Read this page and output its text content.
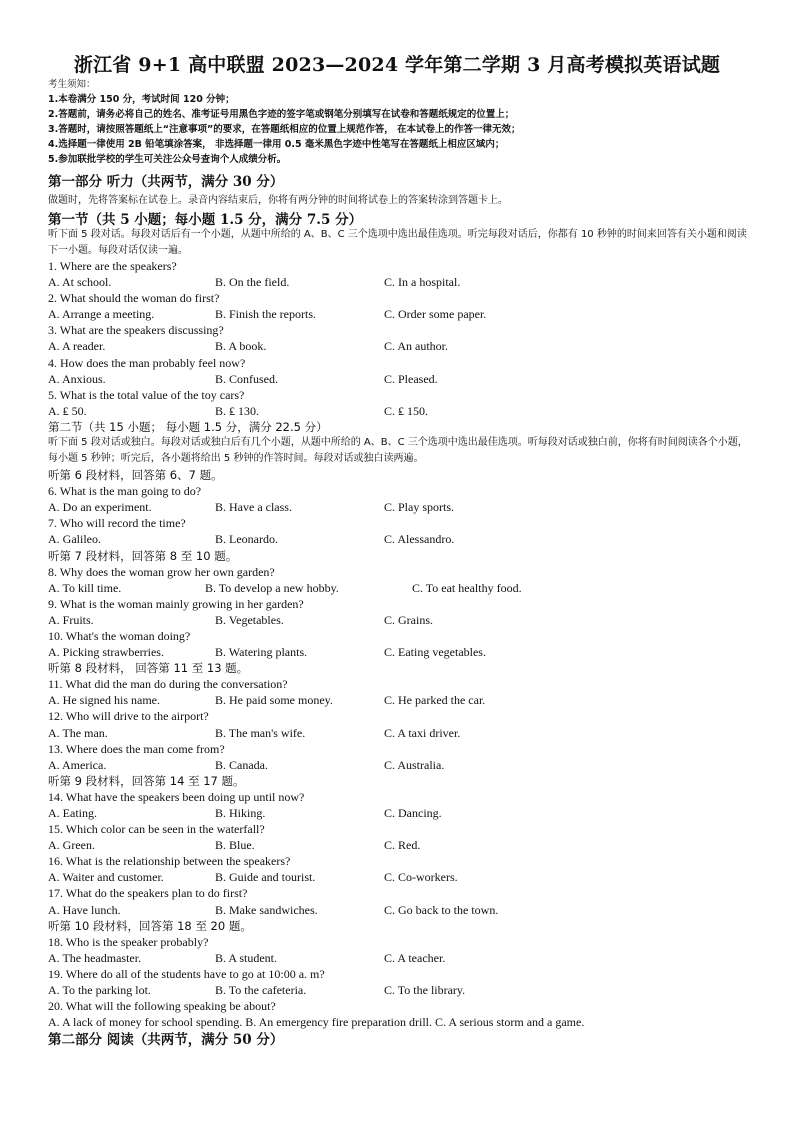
浙江省 9+1 高中联盟 2023—2024 学年第二学期 3 月高考模拟英语试题
考生须知：
1.本卷满分 150 分，考试时间 120 分钟；
2.答题前，请务必将自己的姓名、准考证号用黑色字迹的签字笔或钢笔分别填写在试卷和答题纸规定的位置上；
3.答题时，请按照答题纸上“注意事项”的要求，在答题纸相应的位置上规范作答， 在本试卷上的作答一律无效；
4.选择题一律使用 2B 铅笔填涂答案， 非选择题一律用 0.5 毫米黑色字迹中性笔写在答题纸上相应区域内；
5.参加联批学校的学生可关注公众号查询个人成绩分析。
第一部分 听力（共两节，满分 30 分）
做题时，先将答案标在试卷上。录音内容结束后，你将有两分钟的时间将试卷上的答案转涂到答题卡上。
第一节（共 5 小题；每小题 1.5 分，满分 7.5 分）
听下面 5 段对话。每段对话后有一个小题，从题中所给的 A、B、C 三个选项中选出最佳选项。听完每段对话后，你都有 10 秒钟的时间来回答有关小题和阅读下一小题。每段对话仅读一遍。
1. Where are the speakers?
A. At school.	B. On the field.	C. In a hospital.
2. What should the woman do first?
A. Arrange a meeting.	B. Finish the reports.	C. Order some paper.
3. What are the speakers discussing?
A. A reader.	B. A book.	C. An author.
4. How does the man probably feel now?
A. Anxious.	B. Confused.	C. Pleased.
5. What is the total value of the toy cars?
A. ₤ 50.	B. ₤ 130.	C. ₤ 150.
第二节（共 15 小题； 每小题 1.5 分，满分 22.5 分）
听下面 5 段对话或独白。每段对话或独白后有几个小题，从题中所给的 A、B、C 三个选项中选出最佳选项。听每段对话或独白前，你将有时间阅读各个小题，每小题 5 秒钟；听完后，各小题将给出 5 秒钟的作答时间。每段对话或独白读两遍。
听第 6 段材料，回答第 6、7 题。
6. What is the man going to do?
A. Do an experiment.	B. Have a class.	C. Play sports.
7. Who will record the time?
A. Galileo.	B. Leonardo.	C. Alessandro.
听第 7 段材料，回答第 8 至 10 题。
8. Why does the woman grow her own garden?
A. To kill time.	B. To develop a new hobby.	C. To eat healthy food.
9. What is the woman mainly growing in her garden?
A. Fruits.	B. Vegetables.	C. Grains.
10. What's the woman doing?
A. Picking strawberries.	B. Watering plants.	C. Eating vegetables.
听第 8 段材料， 回答第 11 至 13 题。
11. What did the man do during the conversation?
A. He signed his name.	B. He paid some money.	C. He parked the car.
12. Who will drive to the airport?
A. The man.	B. The man's wife.	C. A taxi driver.
13. Where does the man come from?
A. America.	B. Canada.	C. Australia.
听第 9 段材料，回答第 14 至 17 题。
14. What have the speakers been doing up until now?
A. Eating.	B. Hiking.	C. Dancing.
15. Which color can be seen in the waterfall?
A. Green.	B. Blue.	C. Red.
16. What is the relationship between the speakers?
A. Waiter and customer.	B. Guide and tourist.	C. Co-workers.
17. What do the speakers plan to do first?
A. Have lunch.	B. Make sandwiches.	C. Go back to the town.
听第 10 段材料，回答第 18 至 20 题。
18. Who is the speaker probably?
A. The headmaster.	B. A student.	C. A teacher.
19. Where do all of the students have to go at 10:00 a. m?
A. To the parking lot.	B. To the cafeteria.	C. To the library.
20. What will the following speaking be about?
A. A lack of money for school spending. B. An emergency fire preparation drill. C. A serious storm and a game.
第二部分 阅读（共两节，满分 50 分）
